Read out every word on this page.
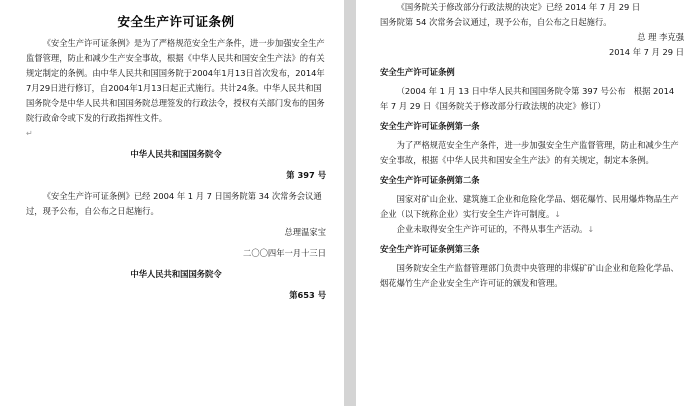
安全生产许可证条例

《安全生产许可证条例》是为了严格规范安全生产条件，进一步加强安全生产监督管理，防止和减少生产安全事故，根据《中华人民共和国安全生产法》的有关规定制定的条例。由中华人民共和国国务院于2004年1月13日首次发布，2014年7月29日进行修订，自2004年1月13日起正式施行。共计24条。中华人民共和国国务院令是中华人民共和国国务院总理签发的行政法令，授权有关部门发布的国务院行政命令或下发的行政指挥性文件。

↵

中华人民共和国国务院令

第 397 号

《安全生产许可证条例》已经 2004 年 1 月 7 日国务院第 34 次常务会议通过，现予公布，自公布之日起施行。

总理温家宝

二〇〇四年一月十三日

中华人民共和国国务院令

第653 号

《国务院关于修改部分行政法规的决定》已经 2014 年 7 月 29 日

国务院第 54 次常务会议通过，现予公布，自公布之日起施行。

总 理 李克强

2014 年 7 月 29 日

安全生产许可证条例

（2004 年 1 月 13 日中华人民共和国国务院令第 397 号公布　根据 2014 年 7 月 29 日《国务院关于修改部分行政法规的决定》修订）

安全生产许可证条例第一条

为了严格规范安全生产条件，进一步加强安全生产监督管理，防止和减少生产安全事故，根据《中华人民共和国安全生产法》的有关规定，制定本条例。

安全生产许可证条例第二条

国家对矿山企业、建筑施工企业和危险化学品、烟花爆竹、民用爆炸物品生产企业（以下统称企业）实行安全生产许可制度。↓

企业未取得安全生产许可证的，不得从事生产活动。↓

安全生产许可证条例第三条

国务院安全生产监督管理部门负责中央管理的非煤矿矿山企业和危险化学品、烟花爆竹生产企业安全生产许可证的颁发和管理。
